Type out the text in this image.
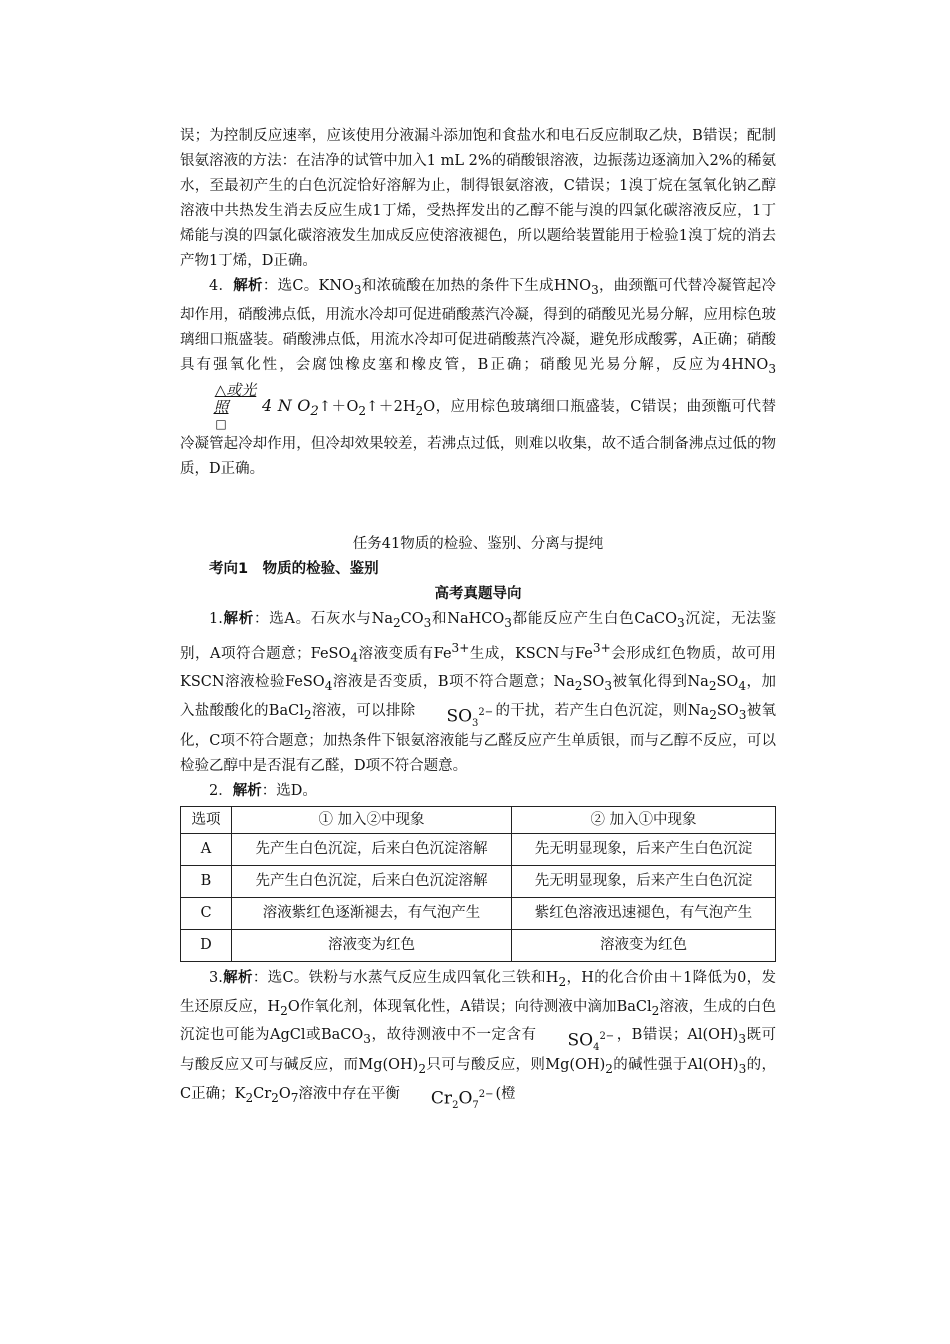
误；为控制反应速率，应该使用分液漏斗添加饱和食盐水和电石反应制取乙炔，B错误；配制银氨溶液的方法：在洁净的试管中加入1 mL 2%的硝酸银溶液，边振荡边逐滴加入2%的稀氨水，至最初产生的白色沉淀恰好溶解为止，制得银氨溶液，C错误；1溴丁烷在氢氧化钠乙醇溶液中共热发生消去反应生成1丁烯，受热挥发出的乙醇不能与溴的四氯化碳溶液反应，1丁烯能与溴的四氯化碳溶液发生加成反应使溶液褪色，所以题给装置能用于检验1溴丁烷的消去产物1丁烯，D正确。

4．解析：选C。$KNO_3$和浓硫酸在加热的条件下生成$HNO_3$，曲颈甑可代替冷凝管起冷却作用，硝酸沸点低，用流水冷却可促进硝酸蒸汽冷凝，得到的硝酸见光易分解，应用棕色玻璃细口瓶盛装。硝酸沸点低，用流水冷却可促进硝酸蒸汽冷凝，避免形成酸雾，A正确；硝酸具有强氧化性，会腐蚀橡皮塞和橡皮管，B正确；硝酸见光易分解，反应为$4HNO_3\triangle$或光照
□4 N $O_2↑+O_2↑+2H_2O$，应用棕色玻璃细口瓶盛装，C错误；曲颈甑可代替冷凝管起冷却作用，但冷却效果较差，若沸点过低，则难以收集，故不适合制备沸点过低的物质，D正确。

任务41物质的检验、鉴别、分离与提纯

考向1　物质的检验、鉴别

高考真题导向

1.解析：选A。石灰水与$Na_2CO_3$和NaHCO$_3$都能反应产生白色CaCO$_3$沉淀，无法鉴别，A项符合题意；FeSO$_4$溶液变质有$Fe^{3+}$生成，KSCN与$Fe^{3+}$会形成红色物质，故可用KSCN溶液检验FeSO$_4$溶液是否变质，B项不符合题意；$Na_2SO_3$被氧化得到$Na_2SO_4$，加入盐酸酸化的BaCl$_2$溶液，可以排除 $SO_3^{2-}$ 的干扰，若产生白色沉淀，则$Na_2SO_3$被氧化，C项不符合题意；加热条件下银氨溶液能与乙醛反应产生单质银，而与乙醇不反应，可以检验乙醇中是否混有乙醛，D项不符合题意。

2．解析：选D。

选项	① 加入②中现象	② 加入①中现象
A	先产生白色沉淀，后来白色沉淀溶解	先无明显现象，后来产生白色沉淀
B	先产生白色沉淀，后来白色沉淀溶解	先无明显现象，后来产生白色沉淀
C	溶液紫红色逐渐褪去，有气泡产生	紫红色溶液迅速褪色，有气泡产生
D	溶液变为红色	溶液变为红色

3.解析：选C。铁粉与水蒸气反应生成四氧化三铁和$H_2$，H的化合价由＋1降低为0，发生还原反应，$H_2O$作氧化剂，体现氧化性，A错误；向待测液中滴加BaCl$_2$溶液，生成的白色沉淀也可能为AgCl或BaCO$_3$，故待测液中不一定含有 $SO_4^{2-}$ ，B错误；$Al(OH)_3$既可与酸反应又可与碱反应，而$Mg(OH)_2$只可与酸反应，则$Mg(OH)_2$的碱性强于$Al(OH)_3$的，C正确；$K_2Cr_2O_7$溶液中存在平衡 $Cr_2O_7^{2-}$ (橙
